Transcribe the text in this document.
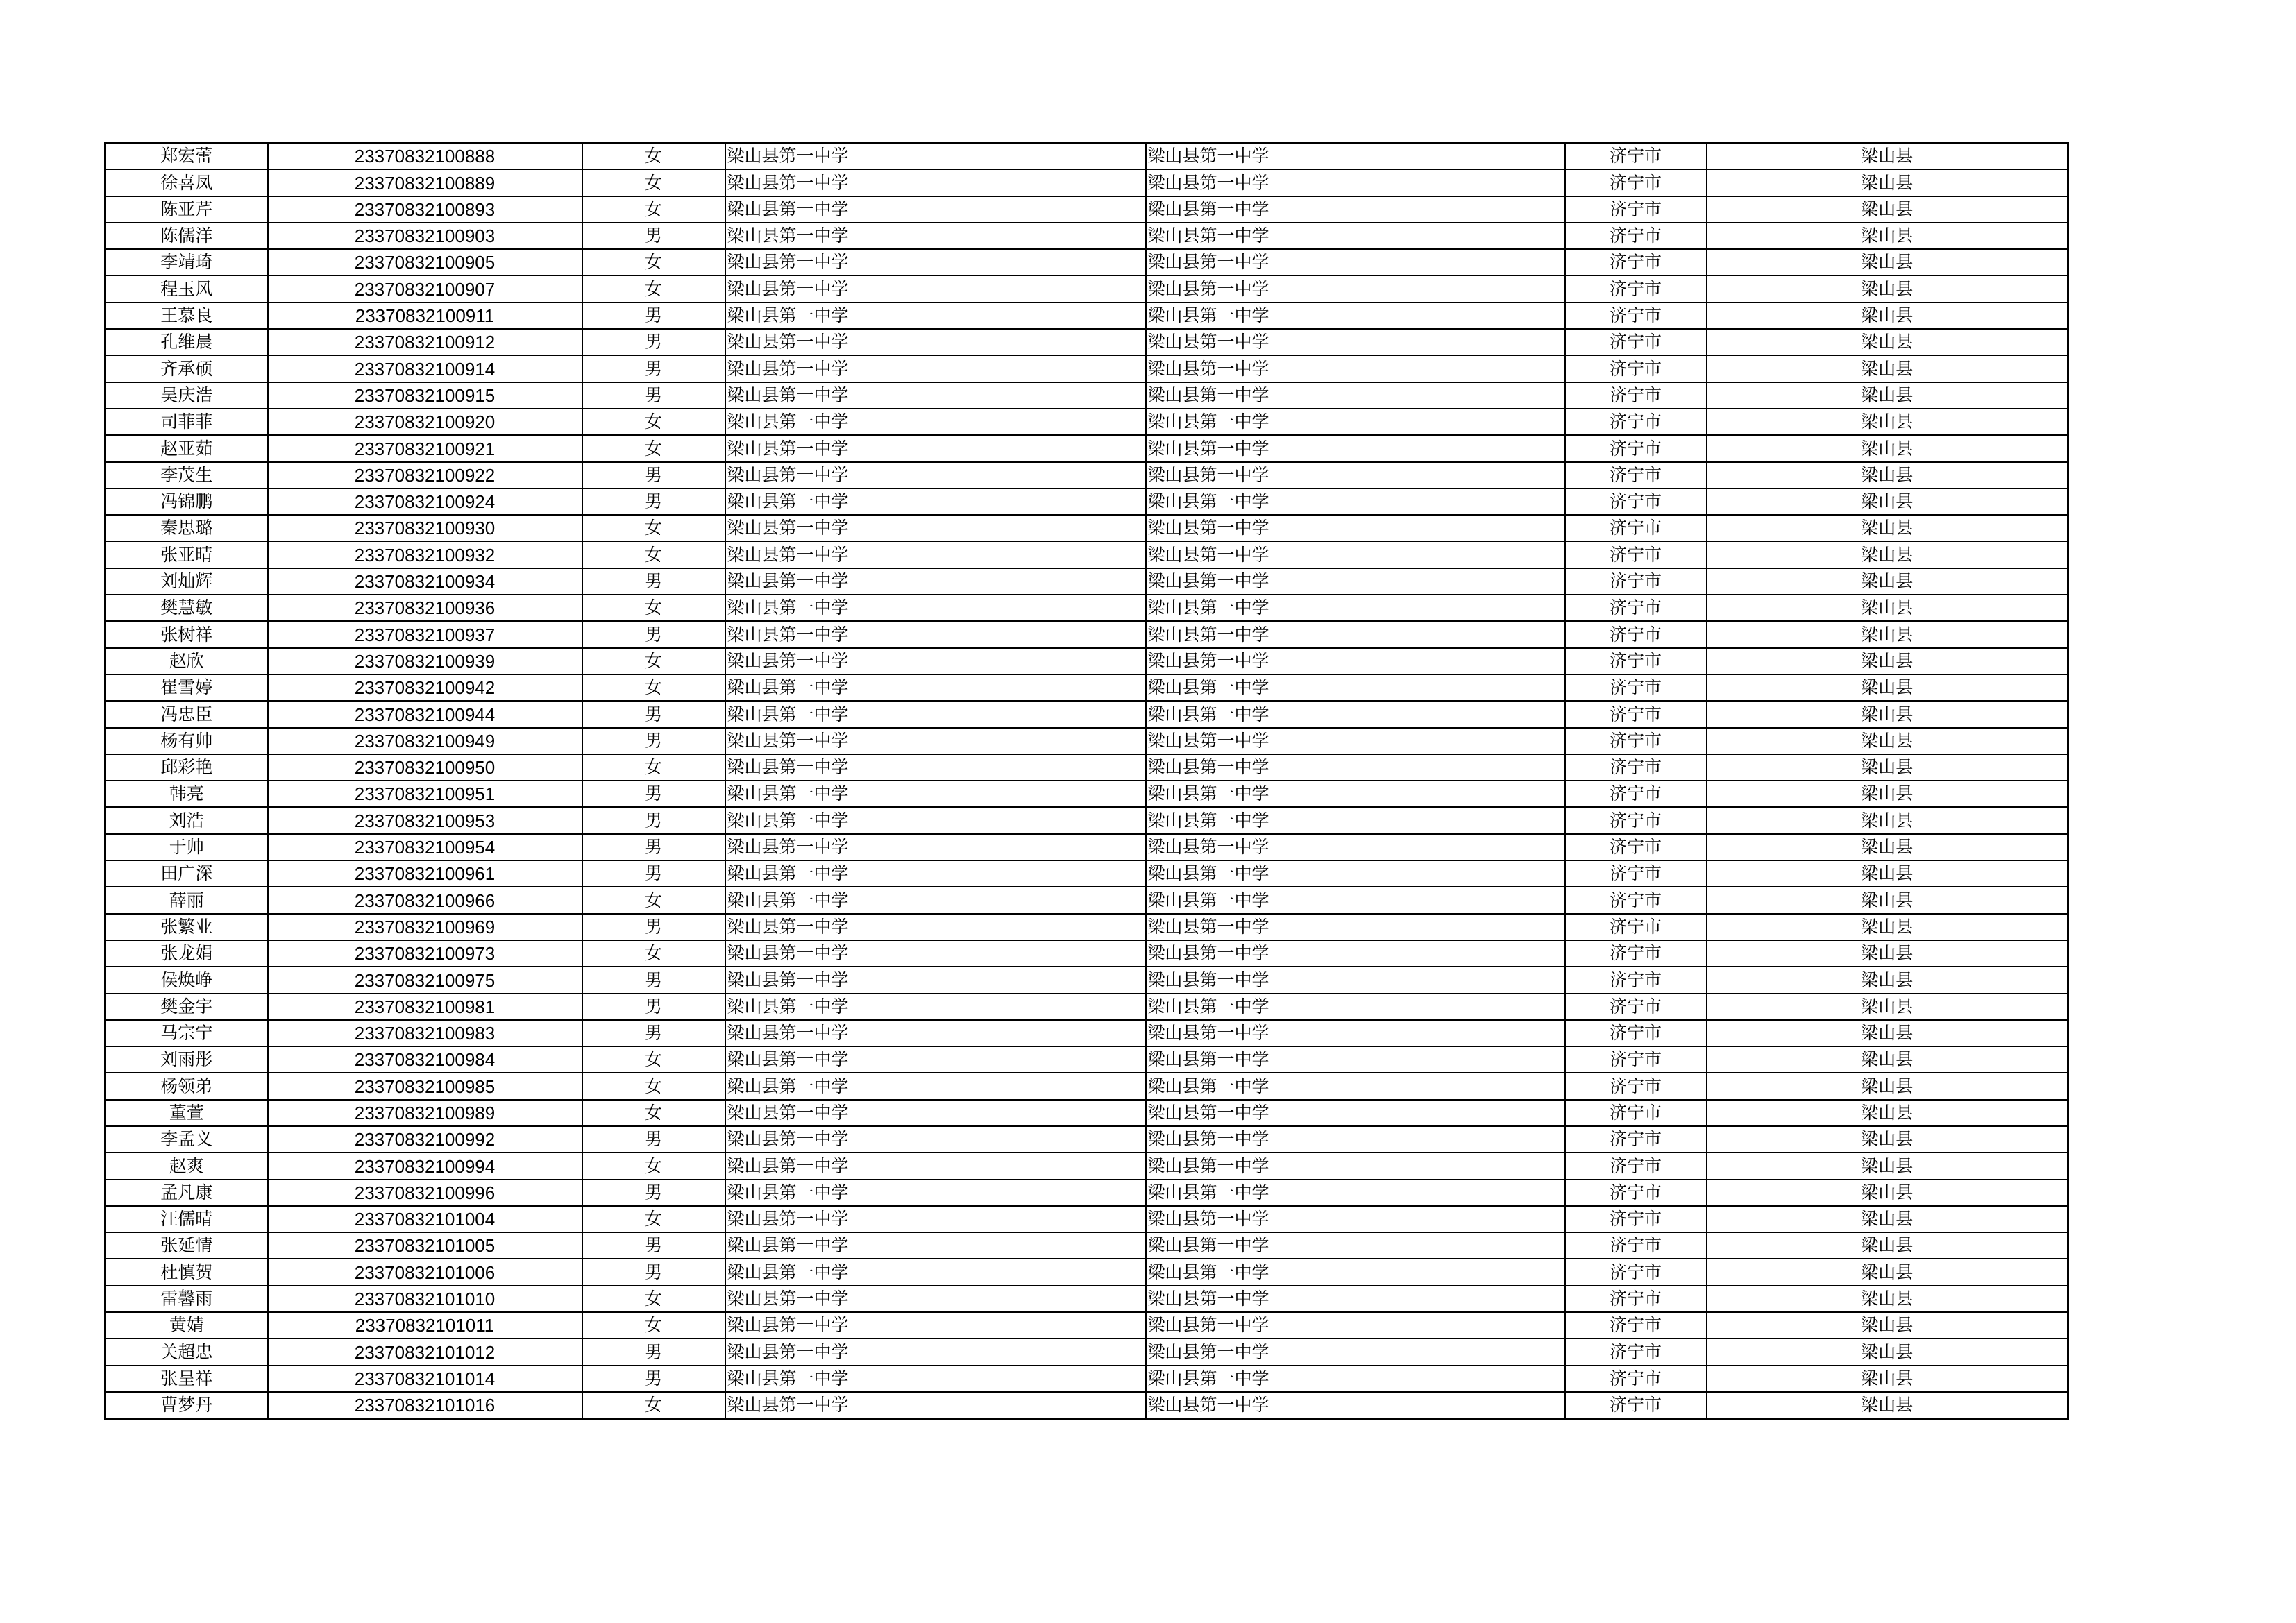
郑宏蕾	23370832100888	女	梁山县第一中学	梁山县第一中学	济宁市	梁山县
徐喜凤	23370832100889	女	梁山县第一中学	梁山县第一中学	济宁市	梁山县
陈亚芹	23370832100893	女	梁山县第一中学	梁山县第一中学	济宁市	梁山县
陈儒洋	23370832100903	男	梁山县第一中学	梁山县第一中学	济宁市	梁山县
李靖琦	23370832100905	女	梁山县第一中学	梁山县第一中学	济宁市	梁山县
程玉风	23370832100907	女	梁山县第一中学	梁山县第一中学	济宁市	梁山县
王慕良	23370832100911	男	梁山县第一中学	梁山县第一中学	济宁市	梁山县
孔维晨	23370832100912	男	梁山县第一中学	梁山县第一中学	济宁市	梁山县
齐承硕	23370832100914	男	梁山县第一中学	梁山县第一中学	济宁市	梁山县
吴庆浩	23370832100915	男	梁山县第一中学	梁山县第一中学	济宁市	梁山县
司菲菲	23370832100920	女	梁山县第一中学	梁山县第一中学	济宁市	梁山县
赵亚茹	23370832100921	女	梁山县第一中学	梁山县第一中学	济宁市	梁山县
李茂生	23370832100922	男	梁山县第一中学	梁山县第一中学	济宁市	梁山县
冯锦鹏	23370832100924	男	梁山县第一中学	梁山县第一中学	济宁市	梁山县
秦思璐	23370832100930	女	梁山县第一中学	梁山县第一中学	济宁市	梁山县
张亚晴	23370832100932	女	梁山县第一中学	梁山县第一中学	济宁市	梁山县
刘灿辉	23370832100934	男	梁山县第一中学	梁山县第一中学	济宁市	梁山县
樊慧敏	23370832100936	女	梁山县第一中学	梁山县第一中学	济宁市	梁山县
张树祥	23370832100937	男	梁山县第一中学	梁山县第一中学	济宁市	梁山县
赵欣	23370832100939	女	梁山县第一中学	梁山县第一中学	济宁市	梁山县
崔雪婷	23370832100942	女	梁山县第一中学	梁山县第一中学	济宁市	梁山县
冯忠臣	23370832100944	男	梁山县第一中学	梁山县第一中学	济宁市	梁山县
杨有帅	23370832100949	男	梁山县第一中学	梁山县第一中学	济宁市	梁山县
邱彩艳	23370832100950	女	梁山县第一中学	梁山县第一中学	济宁市	梁山县
韩亮	23370832100951	男	梁山县第一中学	梁山县第一中学	济宁市	梁山县
刘浩	23370832100953	男	梁山县第一中学	梁山县第一中学	济宁市	梁山县
于帅	23370832100954	男	梁山县第一中学	梁山县第一中学	济宁市	梁山县
田广深	23370832100961	男	梁山县第一中学	梁山县第一中学	济宁市	梁山县
薛丽	23370832100966	女	梁山县第一中学	梁山县第一中学	济宁市	梁山县
张繁业	23370832100969	男	梁山县第一中学	梁山县第一中学	济宁市	梁山县
张龙娟	23370832100973	女	梁山县第一中学	梁山县第一中学	济宁市	梁山县
侯焕峥	23370832100975	男	梁山县第一中学	梁山县第一中学	济宁市	梁山县
樊金宇	23370832100981	男	梁山县第一中学	梁山县第一中学	济宁市	梁山县
马宗宁	23370832100983	男	梁山县第一中学	梁山县第一中学	济宁市	梁山县
刘雨彤	23370832100984	女	梁山县第一中学	梁山县第一中学	济宁市	梁山县
杨领弟	23370832100985	女	梁山县第一中学	梁山县第一中学	济宁市	梁山县
董萱	23370832100989	女	梁山县第一中学	梁山县第一中学	济宁市	梁山县
李孟义	23370832100992	男	梁山县第一中学	梁山县第一中学	济宁市	梁山县
赵爽	23370832100994	女	梁山县第一中学	梁山县第一中学	济宁市	梁山县
孟凡康	23370832100996	男	梁山县第一中学	梁山县第一中学	济宁市	梁山县
汪儒晴	23370832101004	女	梁山县第一中学	梁山县第一中学	济宁市	梁山县
张延情	23370832101005	男	梁山县第一中学	梁山县第一中学	济宁市	梁山县
杜慎贺	23370832101006	男	梁山县第一中学	梁山县第一中学	济宁市	梁山县
雷馨雨	23370832101010	女	梁山县第一中学	梁山县第一中学	济宁市	梁山县
黄婧	23370832101011	女	梁山县第一中学	梁山县第一中学	济宁市	梁山县
关超忠	23370832101012	男	梁山县第一中学	梁山县第一中学	济宁市	梁山县
张呈祥	23370832101014	男	梁山县第一中学	梁山县第一中学	济宁市	梁山县
曹梦丹	23370832101016	女	梁山县第一中学	梁山县第一中学	济宁市	梁山县
